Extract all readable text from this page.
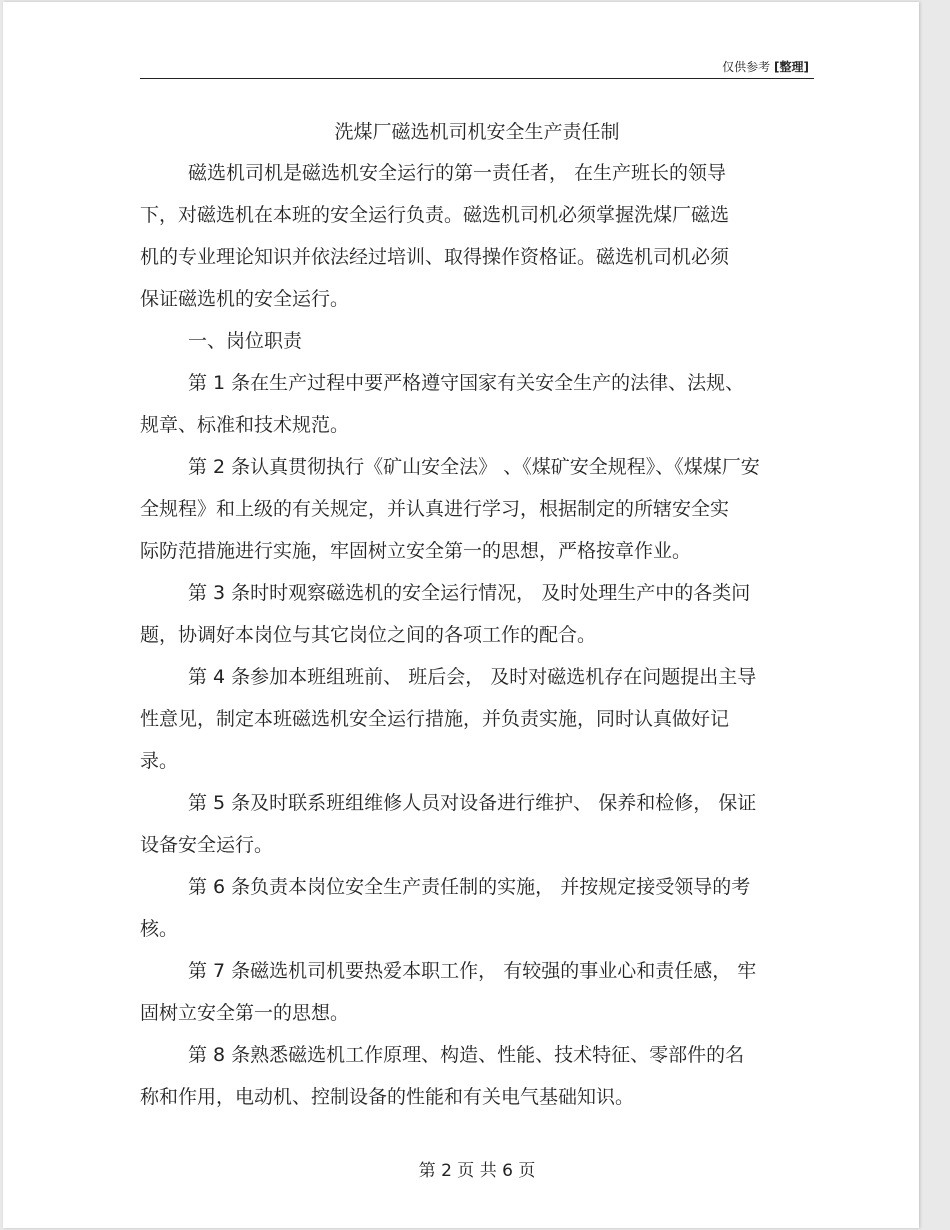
仅供参考 [整理]
洗煤厂磁选机司机安全生产责任制
磁选机司机是磁选机安全运行的第一责任者， 在生产班长的领导
下，对磁选机在本班的安全运行负责。磁选机司机必须掌握洗煤厂磁选
机的专业理论知识并依法经过培训、取得操作资格证。磁选机司机必须
保证磁选机的安全运行。
一、岗位职责
第 1 条在生产过程中要严格遵守国家有关安全生产的法律、法规、
规章、标准和技术规范。
第 2 条认真贯彻执行《矿山安全法》 、《煤矿安全规程》、《煤煤厂安
全规程》和上级的有关规定，并认真进行学习，根据制定的所辖安全实
际防范措施进行实施，牢固树立安全第一的思想，严格按章作业。
第 3 条时时观察磁选机的安全运行情况， 及时处理生产中的各类问
题，协调好本岗位与其它岗位之间的各项工作的配合。
第 4 条参加本班组班前、 班后会， 及时对磁选机存在问题提出主导
性意见，制定本班磁选机安全运行措施，并负责实施，同时认真做好记
录。
第 5 条及时联系班组维修人员对设备进行维护、 保养和检修， 保证
设备安全运行。
第 6 条负责本岗位安全生产责任制的实施， 并按规定接受领导的考
核。
第 7 条磁选机司机要热爱本职工作， 有较强的事业心和责任感， 牢
固树立安全第一的思想。
第 8 条熟悉磁选机工作原理、构造、性能、技术特征、零部件的名
称和作用，电动机、控制设备的性能和有关电气基础知识。
第 2 页 共 6 页
